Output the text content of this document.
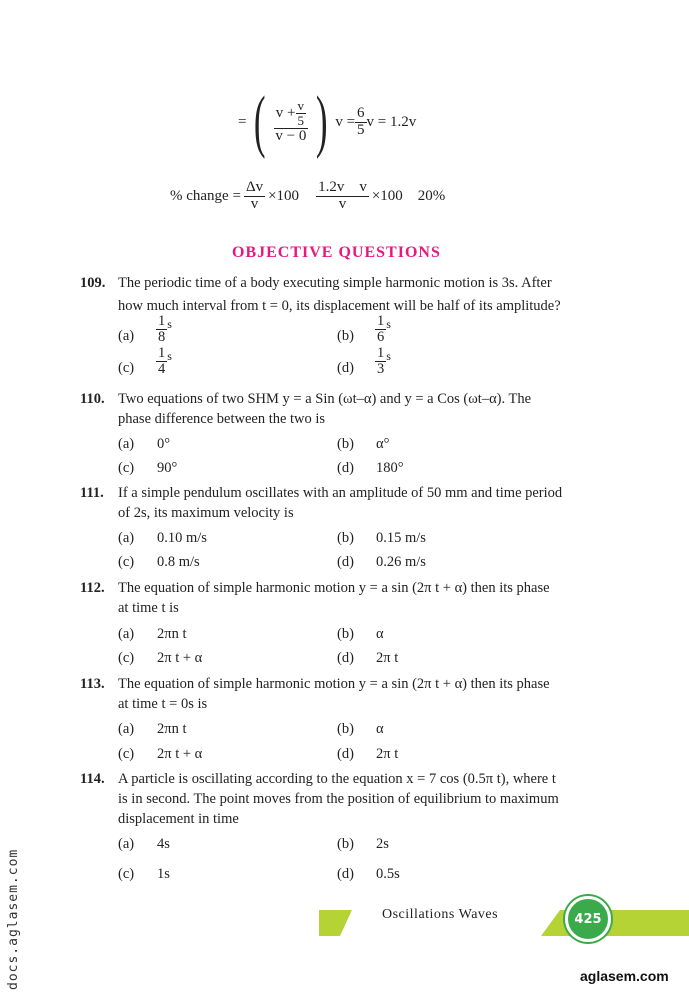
= ( $\frac{v + \frac{v}{5}}{v - 0}$ ) $v = \frac{6}{5}$ v = 1.2v
% change = $\frac{\Delta v}{v} \times 100 \frac{\text{1.2v    v}}{v} \times 100$    20%
OBJECTIVE QUESTIONS
109. The periodic time of a body executing simple harmonic motion is 3s. After
how much interval from t = 0, its displacement will be half of its amplitude?
$(a) \frac{1}{8}$ s
$(b) \frac{1}{6}$ s
$(c) \frac{1}{4}$ s
$(d) \frac{1}{3}$ s
110. Two equations of two SHM y = a Sin (ωt–α) and y = a Cos (ωt–α). The
phase difference between the two is
(a) 0°	(b) α°
(c) 90°	(d) 180°
111. If a simple pendulum oscillates with an amplitude of 50 mm and time period
of 2s, its maximum velocity is
(a) 0.10 m/s	(b) 0.15 m/s
(c) 0.8 m/s	(d) 0.26 m/s
112. The equation of simple harmonic motion y = a sin (2π t + α) then its phase
at time t is
(a) 2πn t	(b) α
(c) 2π t + α	(d) 2π t
113. The equation of simple harmonic motion y = a sin (2π t + α) then its phase
at time t = 0s is
(a) 2πn t	(b) α
(c) 2π t + α	(d) 2π t
114. A particle is oscillating according to the equation x = 7 cos (0.5π t), where t
is in second. The point moves from the position of equilibrium to maximum
displacement in time
(a) 4s	(b) 2s
(c) 1s	(d) 0.5s
Oscillations Waves	425
aglasem.com
docs.aglasem.com
